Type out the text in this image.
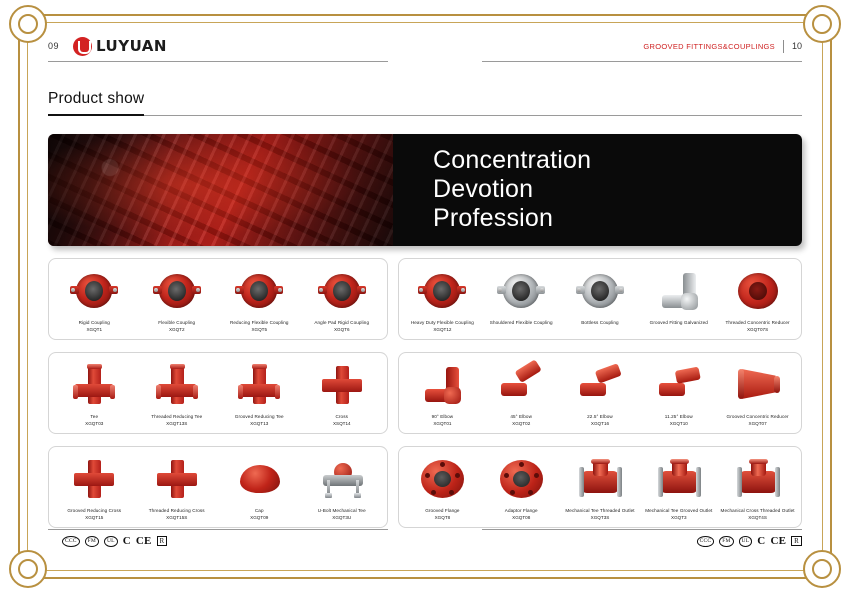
09 LUYUAN	GROOVED FITTINGS&COUPLINGS 10
Product show
Concentration
Devotion
Profession
Rigid Coupling
XGQT1
Flexible Coupling
XGQT2
Reducing Flexible Coupling
XGQT5
Angle Pad Rigid Coupling
XGQT6
Heavy Duty Flexible Coupling
XGQT12
Shouldered Flexible Coupling	Bottless Coupling	Grooved Fitting Galvanized	Threaded Concentric Reducer
XGQT07S
Tee
XGQT03
Threaded Reducing Tee
XGQT13S
Grooved Reducing Tee
XGQT13
Cross
XSQT14
90° Elbow
XGQT01
45° Elbow
XGQT02
22.5° Elbow
XGQT16
11.25° Elbow
XGQT10
Grooved Concentric Reducer
XGQT07
Grooved Reducing Cross
XGQT15
Threaded Reducing Cross
XGQT15S
Cap
XGQT09
U-Bolt Mechanical Tee
XGQT3U
Grooved Flange
XGQT8
Adaptor Flange
XGQT08
Mechanical Tee Threaded Outlet
XGQT3S
Mechanical Tee Grooved Outlet
XGQT3
Mechanical Cross Threaded Outlet
XGQT4S
CCC	FM	UL C CE	R	CCC	FM	UL C CE	R
